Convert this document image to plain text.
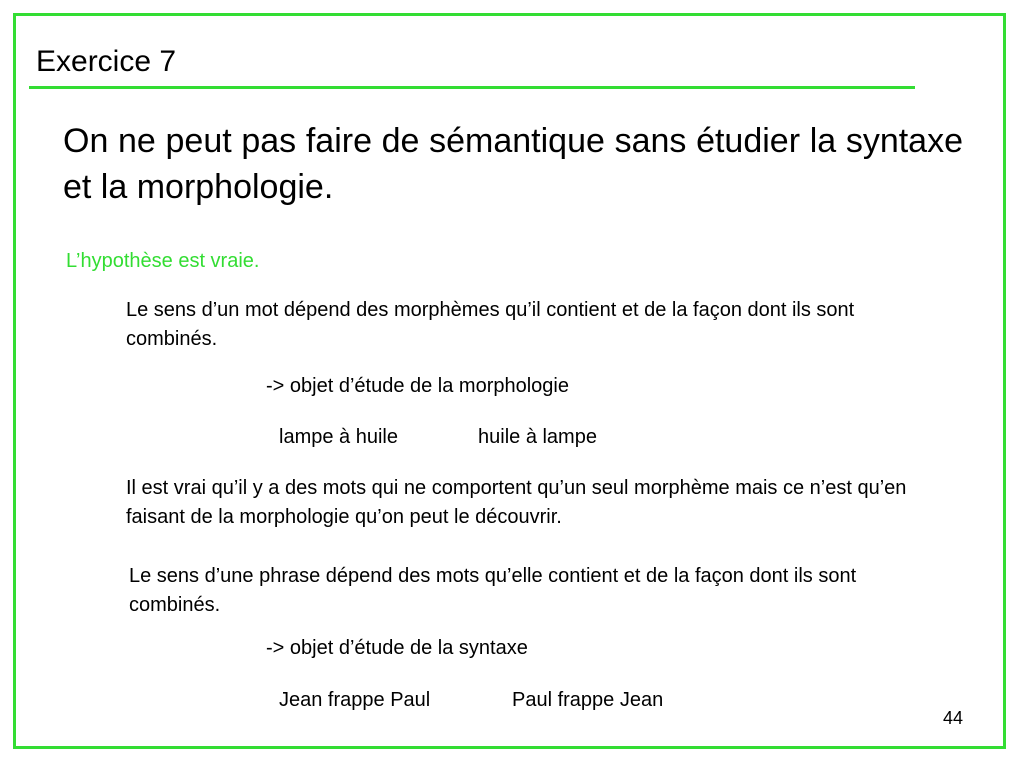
Exercice 7
On ne peut pas faire de sémantique sans étudier la syntaxe et la morphologie.
L’hypothèse est vraie.
Le sens d’un mot dépend des morphèmes qu’il contient et de la façon dont ils sont combinés.
-> objet d’étude de la morphologie
lampe à huile	huile à lampe
Il est vrai qu’il y a des mots qui ne comportent qu’un seul morphème mais ce n’est qu’en faisant de la morphologie qu’on peut le découvrir.
Le sens d’une phrase dépend des mots qu’elle contient et de la façon dont ils sont combinés.
-> objet d’étude de la syntaxe
Jean frappe Paul	Paul frappe Jean
44
